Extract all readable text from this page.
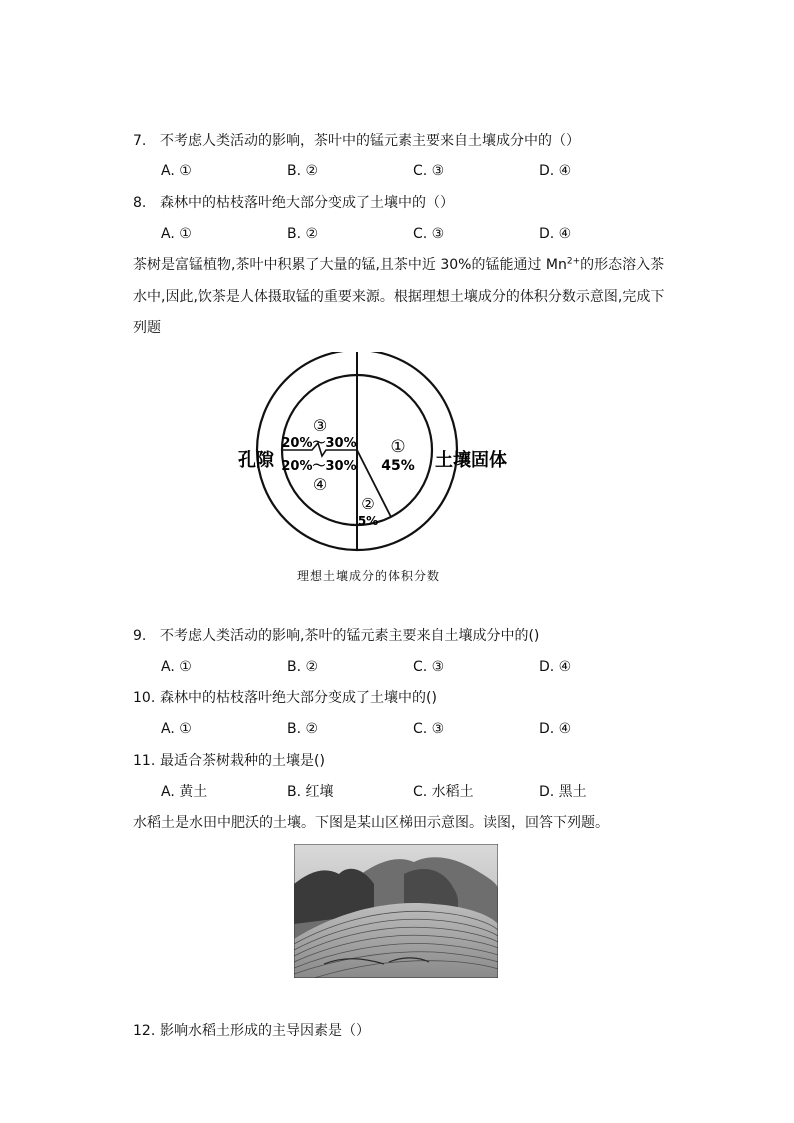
7. 不考虑人类活动的影响，茶叶中的锰元素主要来自土壤成分中的（）
A. ①	B. ②	C. ③	D. ④
8. 森林中的枯枝落叶绝大部分变成了土壤中的（）
A. ①	B. ②	C. ③	D. ④
茶树是富锰植物,茶叶中积累了大量的锰,且茶中近 30%的锰能通过 $Mn^{2+}$的形态溶入茶
水中,因此,饮茶是人体摄取锰的重要来源。根据理想土壤成分的体积分数示意图,完成下
列题
孔隙	土壤固体
①
45%
②
5%
③
20%～30%
20%～30%
④
理想土壤成分的体积分数
9. 不考虑人类活动的影响,茶叶的锰元素主要来自土壤成分中的()
A. ①	B. ②	C. ③	D. ④
10. 森林中的枯枝落叶绝大部分变成了土壤中的()
A. ①	B. ②	C. ③	D. ④
11. 最适合茶树栽种的土壤是()
A. 黄土	B. 红壤	C. 水稻土	D. 黑土
水稻土是水田中肥沃的土壤。下图是某山区梯田示意图。读图，回答下列题。
12. 影响水稻土形成的主导因素是（）
